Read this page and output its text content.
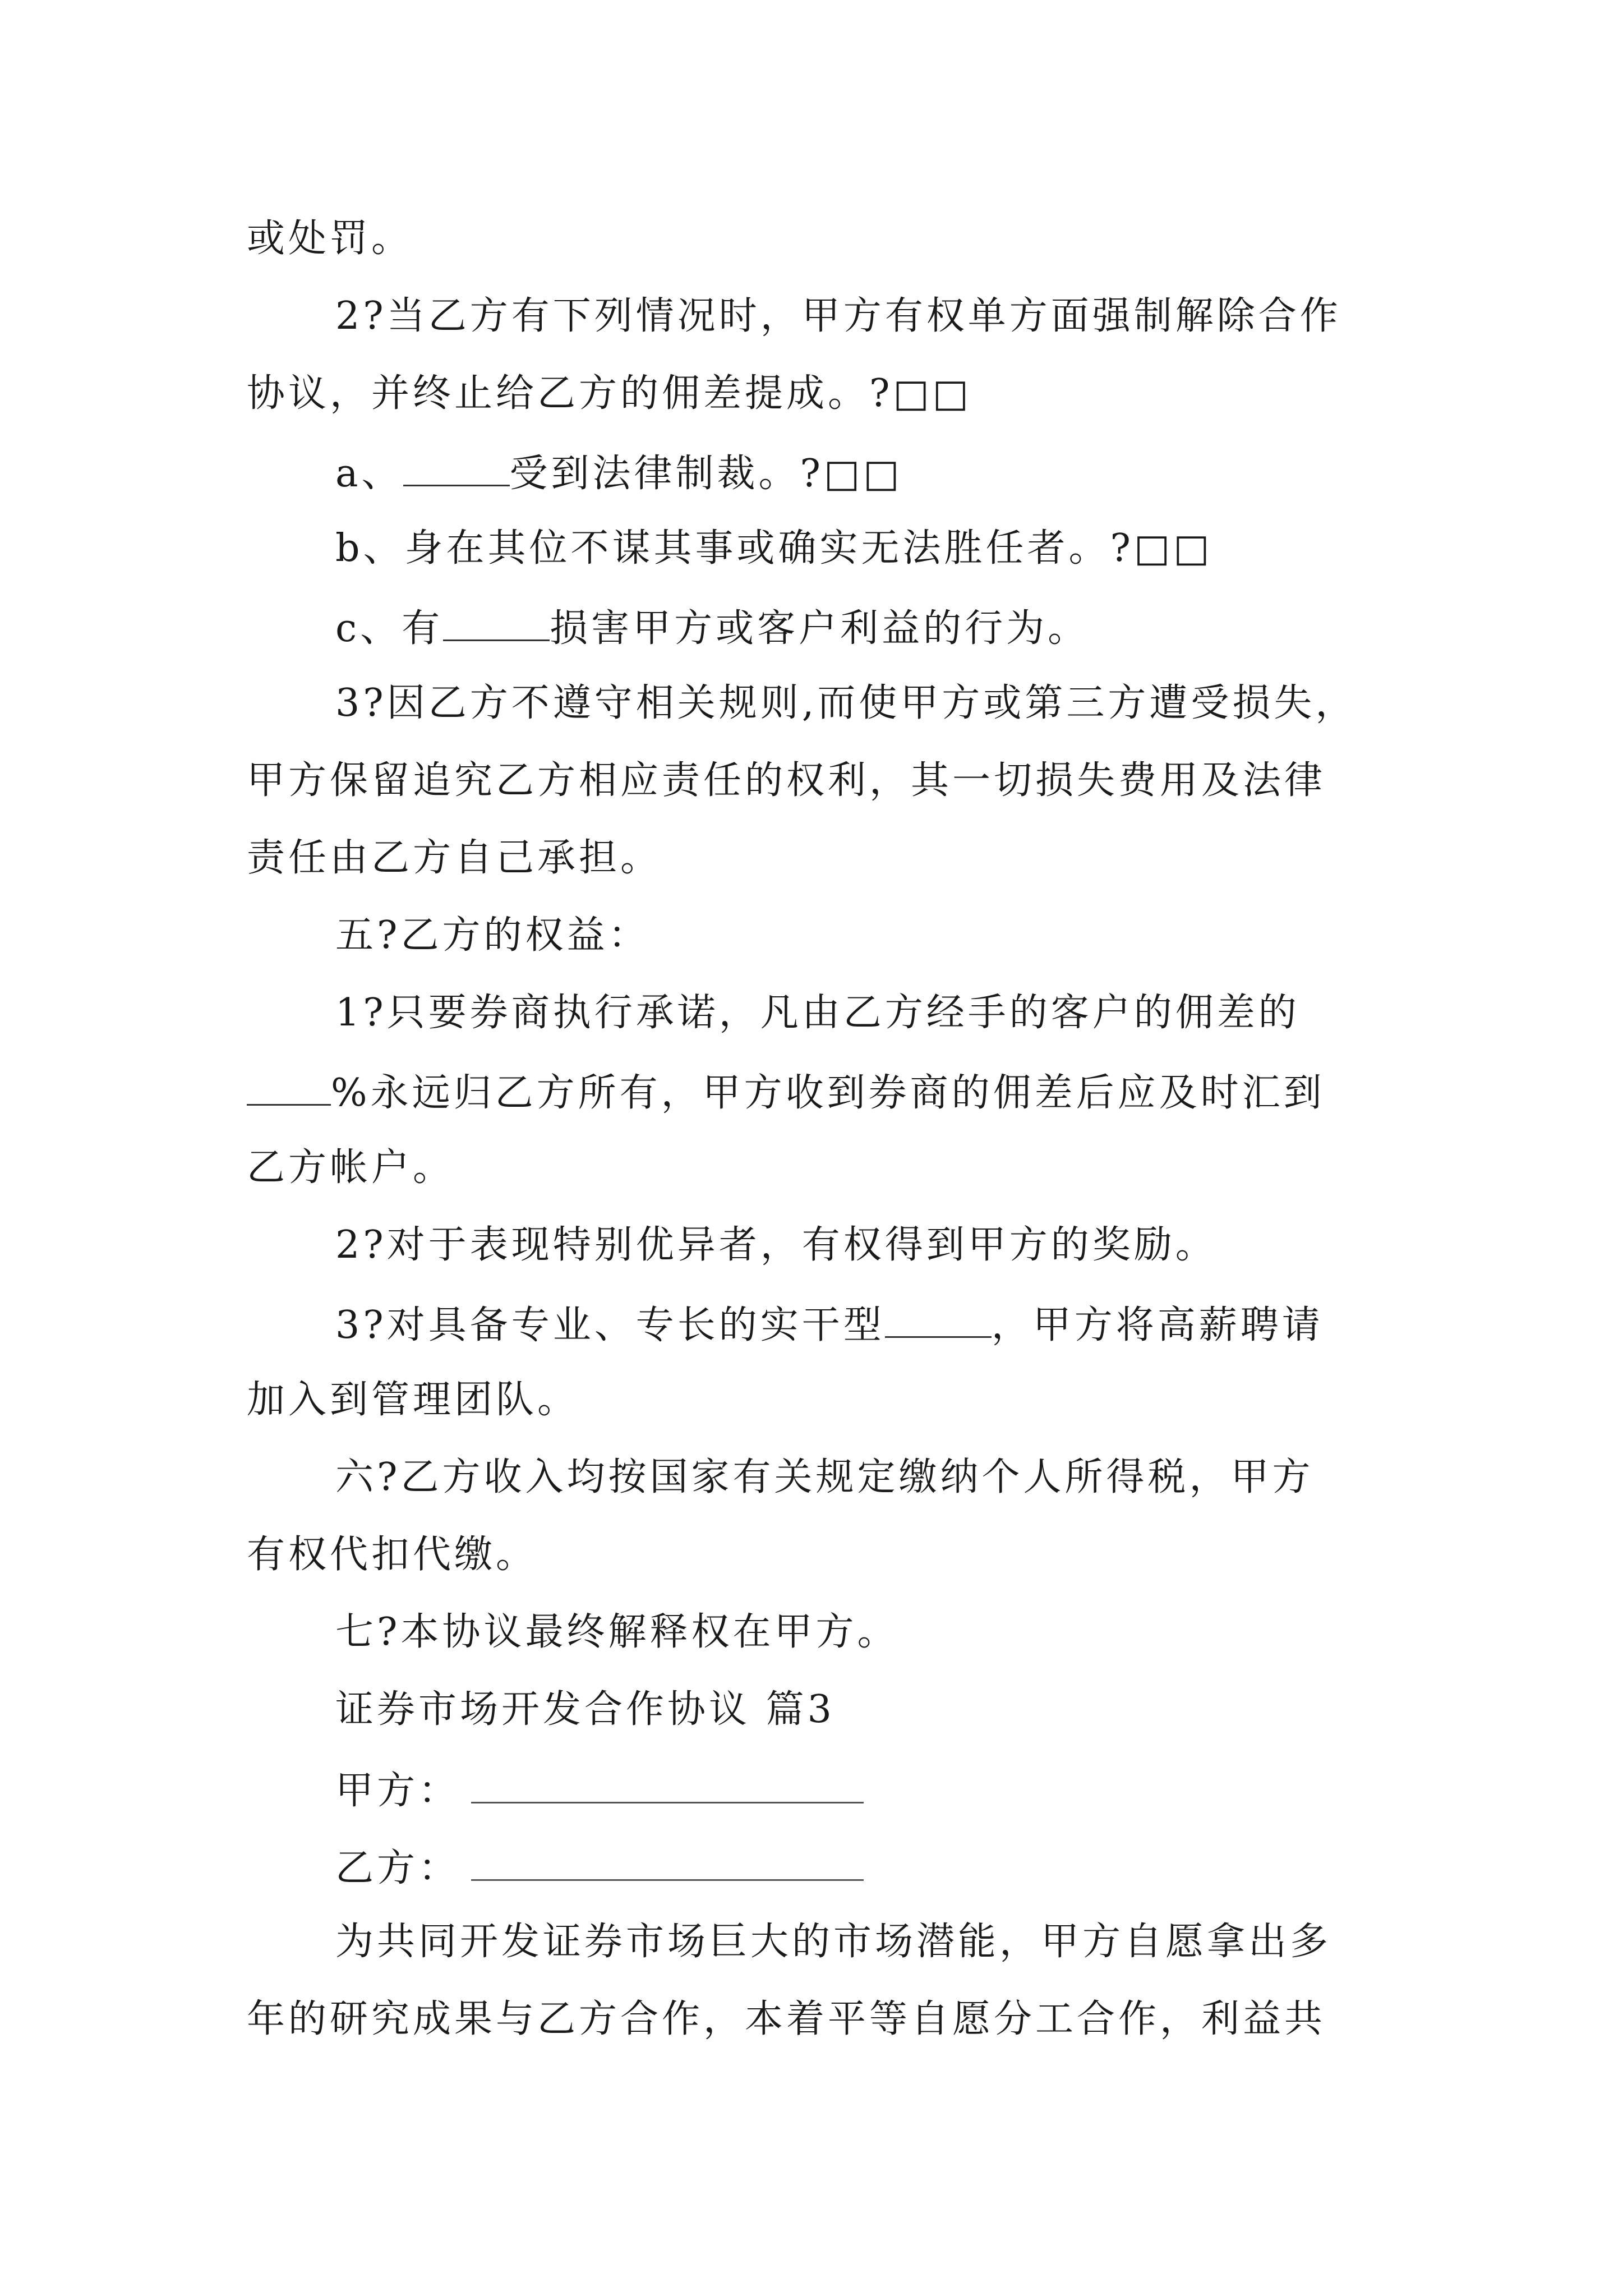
或处罚。
2?当乙方有下列情况时，甲方有权单方面强制解除合作
协议，并终止给乙方的佣差提成。?□□
a、	受到法律制裁。?□□
b、身在其位不谋其事或确实无法胜任者。?□□
c、有	损害甲方或客户利益的行为。
3?因乙方不遵守相关规则,而使甲方或第三方遭受损失，
甲方保留追究乙方相应责任的权利，其一切损失费用及法律
责任由乙方自己承担。
五?乙方的权益：
1?只要券商执行承诺，凡由乙方经手的客户的佣差的
%永远归乙方所有，甲方收到券商的佣差后应及时汇到
乙方帐户。
2?对于表现特别优异者，有权得到甲方的奖励。
3?对具备专业、专长的实干型	，甲方将高薪聘请
加入到管理团队。
六?乙方收入均按国家有关规定缴纳个人所得税，甲方
有权代扣代缴。
七?本协议最终解释权在甲方。
证券市场开发合作协议 篇3
甲方：
乙方：
为共同开发证券市场巨大的市场潜能，甲方自愿拿出多
年的研究成果与乙方合作，本着平等自愿分工合作，利益共
